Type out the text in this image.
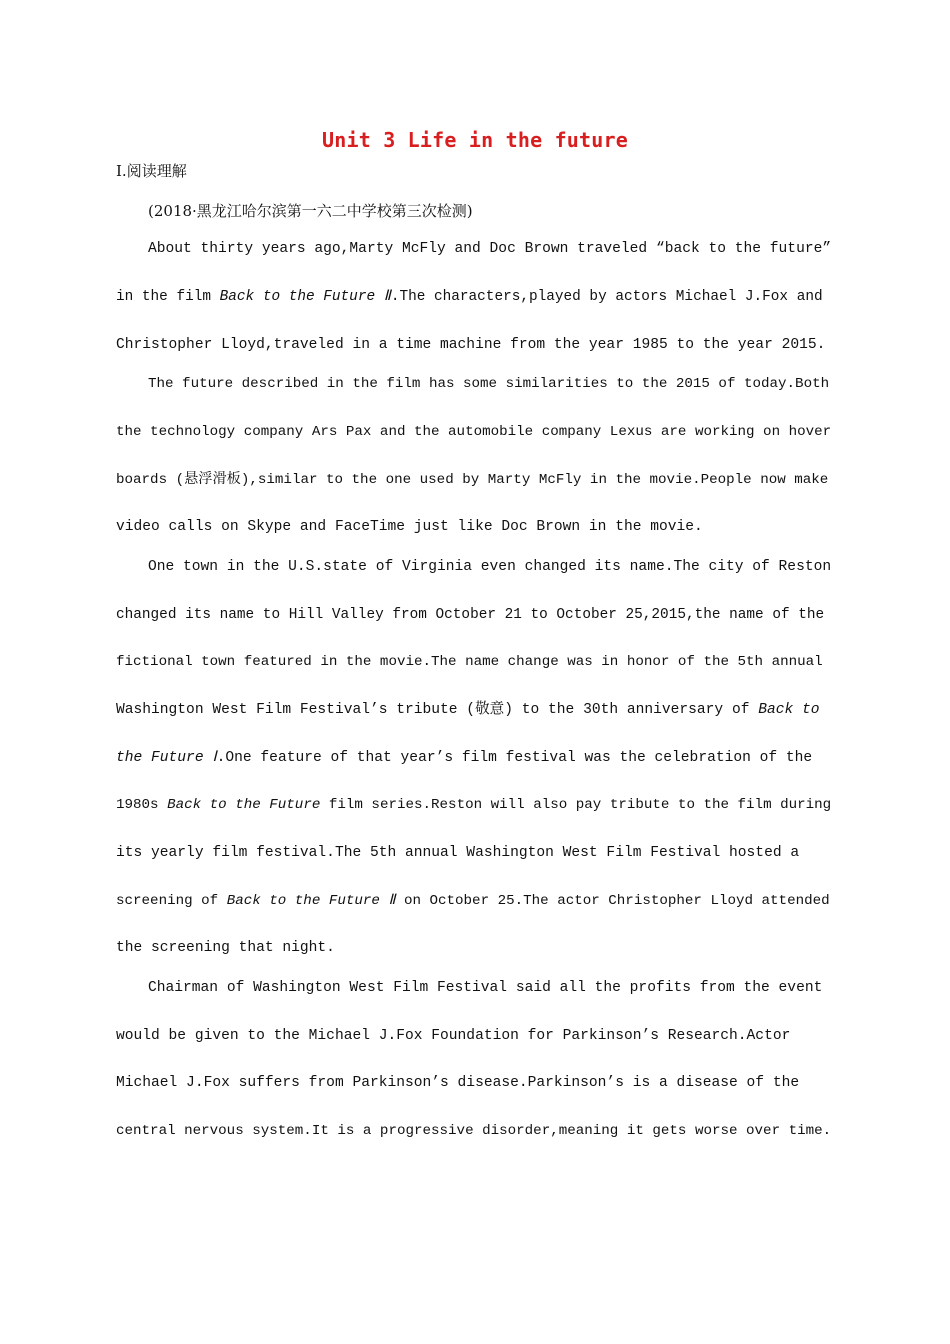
Unit 3 Life in the future
Ⅰ.阅读理解
(2018·黑龙江哈尔滨第一六二中学校第三次检测)
About thirty years ago,Marty McFly and Doc Brown traveled “back to the future”
in the film Back to the Future Ⅱ.The characters,played by actors Michael J.Fox and
Christopher Lloyd,traveled in a time machine from the year 1985 to the year 2015.
The future described in the film has some similarities to the 2015 of today.Both
the technology company Ars Pax and the automobile company Lexus are working on hover
boards (悬浮滑板),similar to the one used by Marty McFly in the movie.People now make
video calls on Skype and FaceTime just like Doc Brown in the movie.
One town in the U.S.state of Virginia even changed its name.The city of Reston
changed its name to Hill Valley from October 21 to October 25,2015,the name of the
fictional town featured in the movie.The name change was in honor of the 5th annual
Washington West Film Festival’s tribute (敬意) to the 30th anniversary of Back to
the Future Ⅰ.One feature of that year’s film festival was the celebration of the
1980s Back to the Future film series.Reston will also pay tribute to the film during
its yearly film festival.The 5th annual Washington West Film Festival hosted a
screening of Back to the Future Ⅱ on October 25.The actor Christopher Lloyd attended
the screening that night.
Chairman of Washington West Film Festival said all the profits from the event
would be given to the Michael J.Fox Foundation for Parkinson’s Research.Actor
Michael J.Fox suffers from Parkinson’s disease.Parkinson’s is a disease of the
central nervous system.It is a progressive disorder,meaning it gets worse over time.
